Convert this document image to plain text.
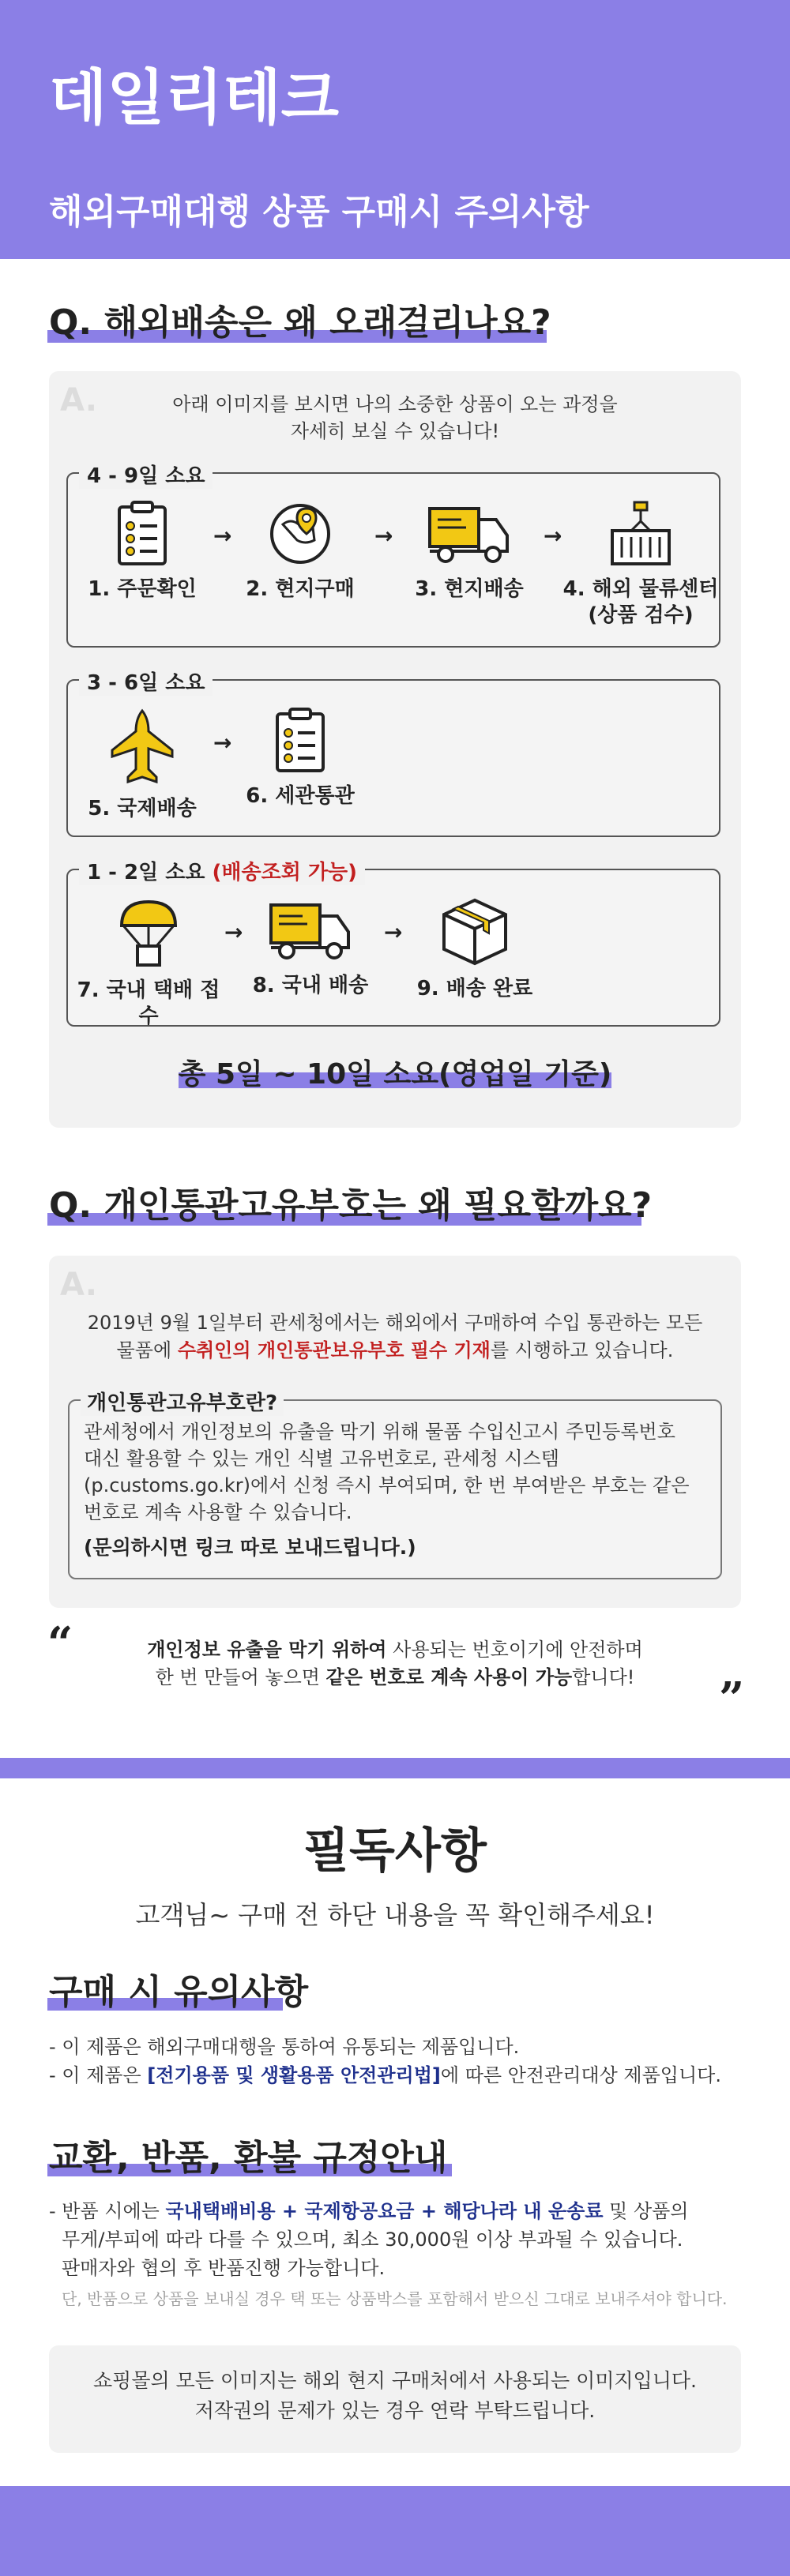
데일리테크
해외구매대행 상품 구매시 주의사항
Q. 해외배송은 왜 오래걸리나요?
A.	아래 이미지를 보시면 나의 소중한 상품이 오는 과정을
자세히 보실 수 있습니다!
4 - 9일 소요
1. 주문확인
→
2. 현지구매
→
3. 현지배송
→
4. 해외 물류센터
(상품 검수)
3 - 6일 소요
5. 국제배송
→
6. 세관통관
1 - 2일 소요 (배송조회 가능)
7. 국내 택배 접수
→
8. 국내 배송
→
9. 배송 완료
총 5일 ~ 10일 소요(영업일 기준)
Q. 개인통관고유부호는 왜 필요할까요?
A.
2019년 9월 1일부터 관세청에서는 해외에서 구매하여 수입 통관하는 모든
물품에 수취인의 개인통관보유부호 필수 기재를 시행하고 있습니다.
개인통관고유부호란?
관세청에서 개인정보의 유출을 막기 위해 물품 수입신고시 주민등록번호
대신 활용할 수 있는 개인 식별 고유번호로, 관세청 시스템
(p.customs.go.kr)에서 신청 즉시 부여되며, 한 번 부여받은 부호는 같은
번호로 계속 사용할 수 있습니다.
(문의하시면 링크 따로 보내드립니다.)
“	개인정보 유출을 막기 위하여 사용되는 번호이기에 안전하며
한 번 만들어 놓으면 같은 번호로 계속 사용이 가능합니다!	”
필독사항
고객님~ 구매 전 하단 내용을 꼭 확인해주세요!
구매 시 유의사항
- 이 제품은 해외구매대행을 통하여 유통되는 제품입니다.
- 이 제품은 [전기용품 및 생활용품 안전관리법]에 따른 안전관리대상 제품입니다.
교환, 반품, 환불 규정안내
- 반품 시에는 국내택배비용 + 국제항공요금 + 해당나라 내 운송료 및 상품의
무게/부피에 따라 다를 수 있으며, 최소 30,000원 이상 부과될 수 있습니다.
판매자와 협의 후 반품진행 가능합니다.
단, 반품으로 상품을 보내실 경우 택 또는 상품박스를 포함해서 받으신 그대로 보내주셔야 합니다.
쇼핑몰의 모든 이미지는 해외 현지 구매처에서 사용되는 이미지입니다.
저작권의 문제가 있는 경우 연락 부탁드립니다.
